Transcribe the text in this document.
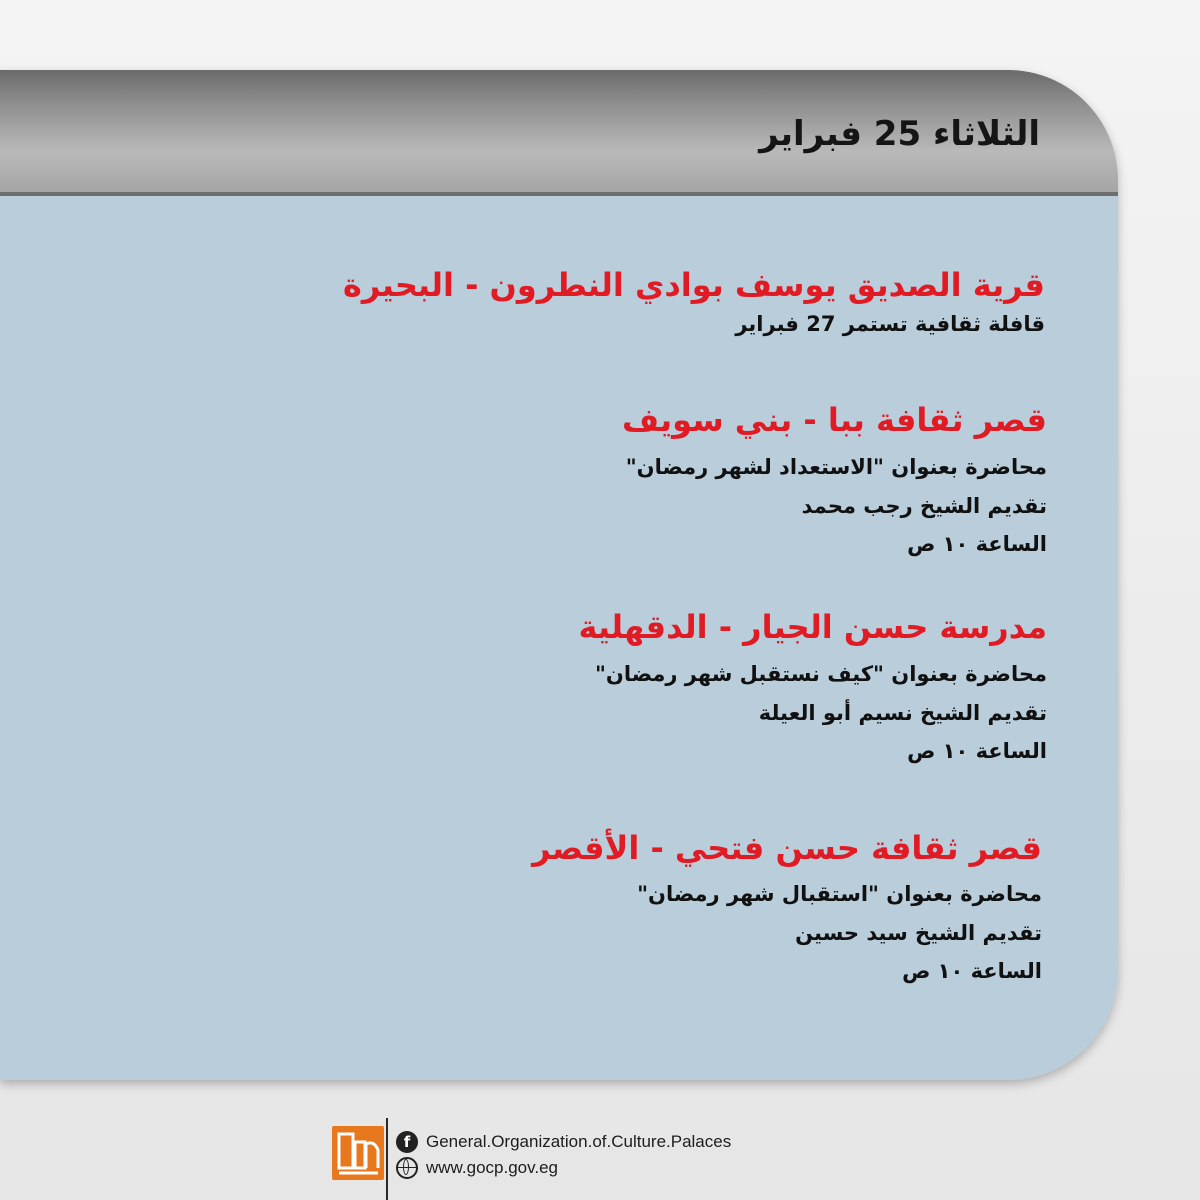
الثلاثاء 25 فبراير
قرية الصديق يوسف بوادي النطرون - البحيرة
قافلة ثقافية تستمر 27 فبراير
قصر ثقافة ببا - بني سويف
محاضرة بعنوان "الاستعداد لشهر رمضان"
تقديم الشيخ رجب محمد
الساعة ١٠ ص
مدرسة حسن الجيار - الدقهلية
محاضرة بعنوان "كيف نستقبل شهر رمضان"
تقديم الشيخ نسيم أبو العيلة
الساعة ١٠ ص
قصر ثقافة حسن فتحي - الأقصر
محاضرة بعنوان "استقبال شهر رمضان"
تقديم الشيخ سيد حسين
الساعة ١٠ ص
f General.Organization.of.Culture.Palaces
www.gocp.gov.eg
